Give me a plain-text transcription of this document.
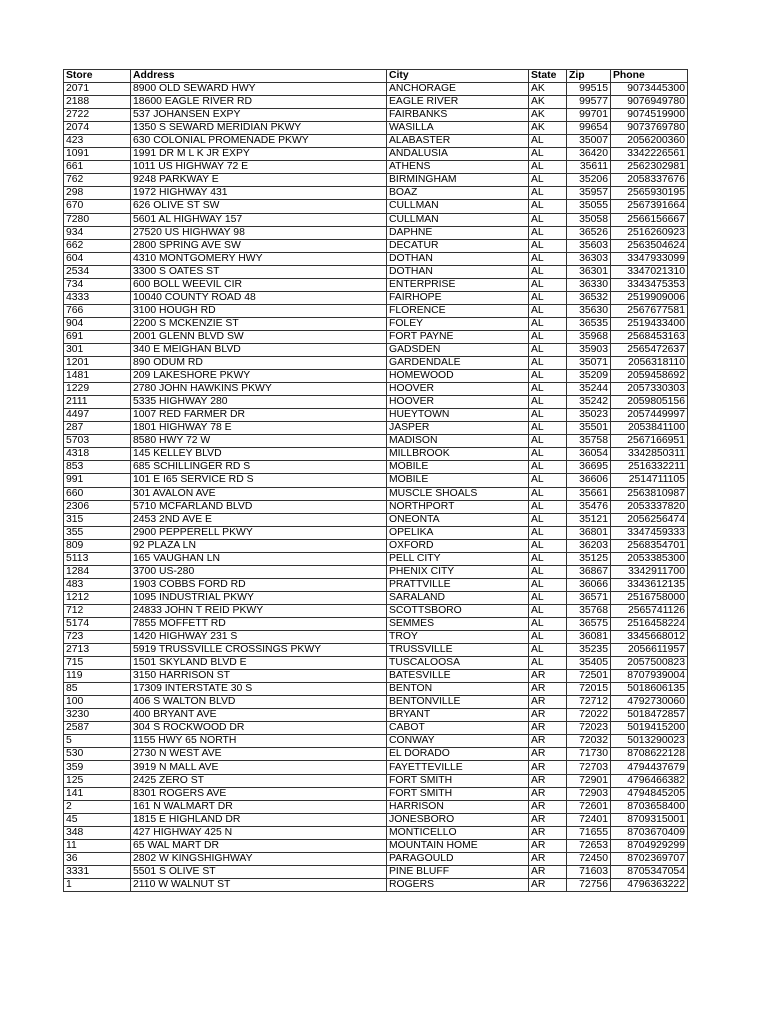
Store	Address	City	State	Zip	Phone
2071	8900 OLD SEWARD HWY	ANCHORAGE	AK	99515	9073445300
2188	18600 EAGLE RIVER RD	EAGLE RIVER	AK	99577	9076949780
2722	537 JOHANSEN EXPY	FAIRBANKS	AK	99701	9074519900
2074	1350 S SEWARD MERIDIAN PKWY	WASILLA	AK	99654	9073769780
423	630 COLONIAL PROMENADE PKWY	ALABASTER	AL	35007	2056200360
1091	1991 DR M L K JR EXPY	ANDALUSIA	AL	36420	3342226561
661	1011 US HIGHWAY 72 E	ATHENS	AL	35611	2562302981
762	9248 PARKWAY E	BIRMINGHAM	AL	35206	2058337676
298	1972 HIGHWAY 431	BOAZ	AL	35957	2565930195
670	626 OLIVE ST SW	CULLMAN	AL	35055	2567391664
7280	5601 AL HIGHWAY 157	CULLMAN	AL	35058	2566156667
934	27520 US HIGHWAY 98	DAPHNE	AL	36526	2516260923
662	2800 SPRING AVE SW	DECATUR	AL	35603	2563504624
604	4310 MONTGOMERY HWY	DOTHAN	AL	36303	3347933099
2534	3300 S OATES ST	DOTHAN	AL	36301	3347021310
734	600 BOLL WEEVIL CIR	ENTERPRISE	AL	36330	3343475353
4333	10040 COUNTY ROAD 48	FAIRHOPE	AL	36532	2519909006
766	3100 HOUGH RD	FLORENCE	AL	35630	2567677581
904	2200 S MCKENZIE ST	FOLEY	AL	36535	2519433400
691	2001 GLENN BLVD SW	FORT PAYNE	AL	35968	2568453163
301	340 E MEIGHAN BLVD	GADSDEN	AL	35903	2565472637
1201	890 ODUM RD	GARDENDALE	AL	35071	2056318110
1481	209 LAKESHORE PKWY	HOMEWOOD	AL	35209	2059458692
1229	2780 JOHN HAWKINS PKWY	HOOVER	AL	35244	2057330303
2111	5335 HIGHWAY 280	HOOVER	AL	35242	2059805156
4497	1007 RED FARMER DR	HUEYTOWN	AL	35023	2057449997
287	1801 HIGHWAY 78 E	JASPER	AL	35501	2053841100
5703	8580 HWY 72 W	MADISON	AL	35758	2567166951
4318	145 KELLEY BLVD	MILLBROOK	AL	36054	3342850311
853	685 SCHILLINGER RD S	MOBILE	AL	36695	2516332211
991	101 E I65 SERVICE RD S	MOBILE	AL	36606	2514711105
660	301 AVALON AVE	MUSCLE SHOALS	AL	35661	2563810987
2306	5710 MCFARLAND BLVD	NORTHPORT	AL	35476	2053337820
315	2453 2ND AVE E	ONEONTA	AL	35121	2056256474
355	2900 PEPPERELL PKWY	OPELIKA	AL	36801	3347459333
809	92 PLAZA LN	OXFORD	AL	36203	2568354701
5113	165 VAUGHAN LN	PELL CITY	AL	35125	2053385300
1284	3700 US-280	PHENIX CITY	AL	36867	3342911700
483	1903 COBBS FORD RD	PRATTVILLE	AL	36066	3343612135
1212	1095 INDUSTRIAL PKWY	SARALAND	AL	36571	2516758000
712	24833 JOHN T REID PKWY	SCOTTSBORO	AL	35768	2565741126
5174	7855 MOFFETT RD	SEMMES	AL	36575	2516458224
723	1420 HIGHWAY 231 S	TROY	AL	36081	3345668012
2713	5919 TRUSSVILLE CROSSINGS PKWY	TRUSSVILLE	AL	35235	2056611957
715	1501 SKYLAND BLVD E	TUSCALOOSA	AL	35405	2057500823
119	3150 HARRISON ST	BATESVILLE	AR	72501	8707939004
85	17309 INTERSTATE 30 S	BENTON	AR	72015	5018606135
100	406 S WALTON BLVD	BENTONVILLE	AR	72712	4792730060
3230	400 BRYANT AVE	BRYANT	AR	72022	5018472857
2587	304 S ROCKWOOD DR	CABOT	AR	72023	5019415200
5	1155 HWY 65 NORTH	CONWAY	AR	72032	5013290023
530	2730 N WEST AVE	EL DORADO	AR	71730	8708622128
359	3919 N MALL AVE	FAYETTEVILLE	AR	72703	4794437679
125	2425 ZERO ST	FORT SMITH	AR	72901	4796466382
141	8301 ROGERS AVE	FORT SMITH	AR	72903	4794845205
2	161 N WALMART DR	HARRISON	AR	72601	8703658400
45	1815 E HIGHLAND DR	JONESBORO	AR	72401	8709315001
348	427 HIGHWAY 425 N	MONTICELLO	AR	71655	8703670409
11	65 WAL MART DR	MOUNTAIN HOME	AR	72653	8704929299
36	2802 W KINGSHIGHWAY	PARAGOULD	AR	72450	8702369707
3331	5501 S OLIVE ST	PINE BLUFF	AR	71603	8705347054
1	2110 W WALNUT ST	ROGERS	AR	72756	4796363222
